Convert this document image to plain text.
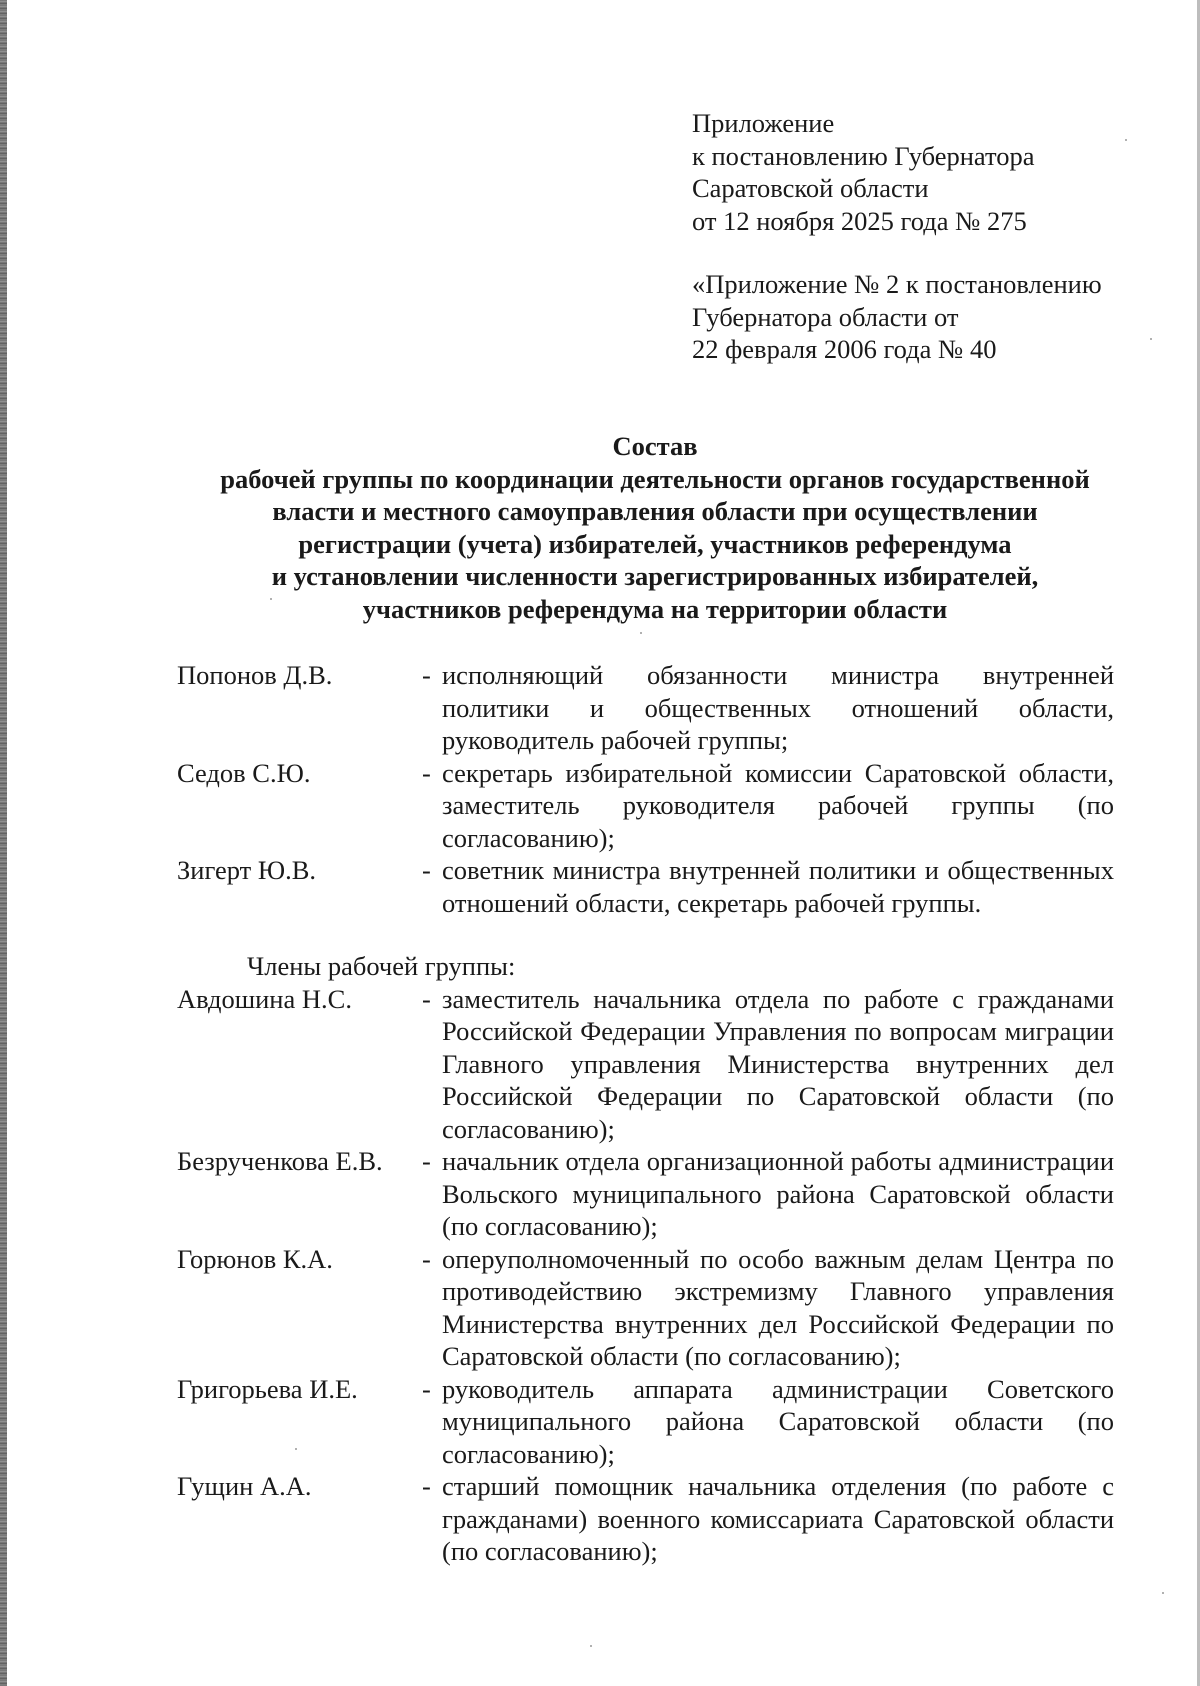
Приложение
к постановлению Губернатора
Саратовской области
от 12 ноября 2025 года № 275
«Приложение № 2 к постановлению
Губернатора области от
22 февраля 2006 года № 40
Состав
рабочей группы по координации деятельности органов государственной
власти и местного самоуправления области при осуществлении
регистрации (учета) избирателей, участников референдума
и установлении численности зарегистрированных избирателей,
участников референдума на территории области
Попонов Д.В.	- исполняющий обязанности министра внутренней политики и общественных отношений области, руководитель рабочей группы;
Седов С.Ю.	- секретарь избирательной комиссии Саратовской области, заместитель руководителя рабочей группы (по согласованию);
Зигерт Ю.В.	- советник министра внутренней политики и общественных отношений области, секретарь рабочей группы.
Члены рабочей группы:
Авдошина Н.С.	- заместитель начальника отдела по работе с гражданами Российской Федерации Управления по вопросам миграции Главного управления Министерства внутренних дел Российской Федерации по Саратовской области (по согласованию);
Безрученкова Е.В.	- начальник отдела организационной работы администрации Вольского муниципального района Саратовской области (по согласованию);
Горюнов К.А.	- оперуполномоченный по особо важным делам Центра по противодействию экстремизму Главного управления Министерства внутренних дел Российской Федерации по Саратовской области (по согласованию);
Григорьева И.Е.	- руководитель аппарата администрации Советского муниципального района Саратовской области (по согласованию);
Гущин А.А.	- старший помощник начальника отделения (по работе с гражданами) военного комиссариата Саратовской области (по согласованию);
